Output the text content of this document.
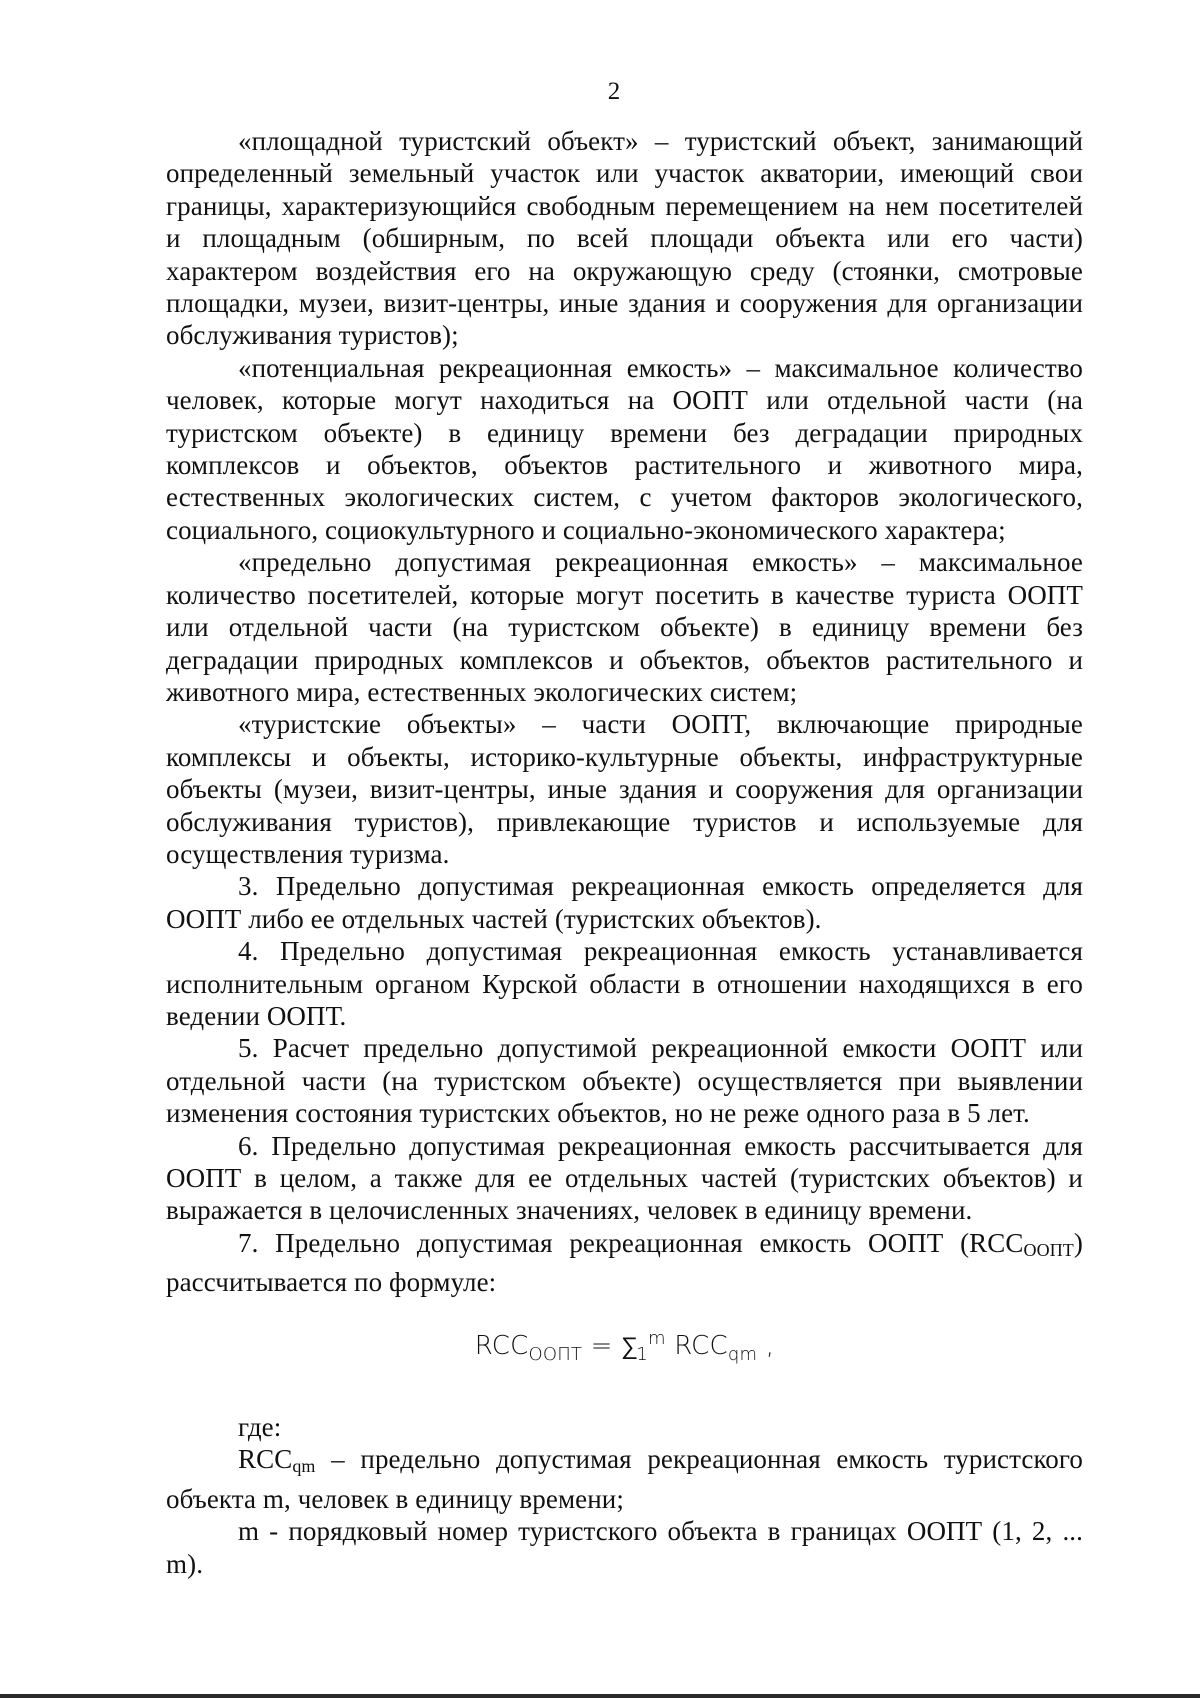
2

«площадной туристский объект» – туристский объект, занимающий определенный земельный участок или участок акватории, имеющий свои границы, характеризующийся свободным перемещением на нем посетителей и площадным (обширным, по всей площади объекта или его части) характером воздействия его на окружающую среду (стоянки, смотровые площадки, музеи, визит-центры, иные здания и сооружения для организации обслуживания туристов);

«потенциальная рекреационная емкость» – максимальное количество человек, которые могут находиться на ООПТ или отдельной части (на туристском объекте) в единицу времени без деградации природных комплексов и объектов, объектов растительного и животного мира, естественных экологических систем, с учетом факторов экологического, социального, социокультурного и социально-экономического характера;

«предельно допустимая рекреационная емкость» – максимальное количество посетителей, которые могут посетить в качестве туриста ООПТ или отдельной части (на туристском объекте) в единицу времени без деградации природных комплексов и объектов, объектов растительного и животного мира, естественных экологических систем;

«туристские объекты» – части ООПТ, включающие природные комплексы и объекты, историко-культурные объекты, инфраструктурные объекты (музеи, визит-центры, иные здания и сооружения для организации обслуживания туристов), привлекающие туристов и используемые для осуществления туризма.

3. Предельно допустимая рекреационная емкость определяется для ООПТ либо ее отдельных частей (туристских объектов).

4. Предельно допустимая рекреационная емкость устанавливается исполнительным органом Курской области в отношении находящихся в его ведении ООПТ.

5. Расчет предельно допустимой рекреационной емкости ООПТ или отдельной части (на туристском объекте) осуществляется при выявлении изменения состояния туристских объектов, но не реже одного раза в 5 лет.

6. Предельно допустимая рекреационная емкость рассчитывается для ООПТ в целом, а также для ее отдельных частей (туристских объектов) и выражается в целочисленных значениях, человек в единицу времени.

7. Предельно допустимая рекреационная емкость ООПТ (RCCООПТ) рассчитывается по формуле:

$RCC_{ООПТ} = \sum_1^m$ $RCC_{qm}$ ,

где:

RCCqm – предельно допустимая рекреационная емкость туристского объекта m, человек в единицу времени;

m - порядковый номер туристского объекта в границах ООПТ (1, 2, ... m).
